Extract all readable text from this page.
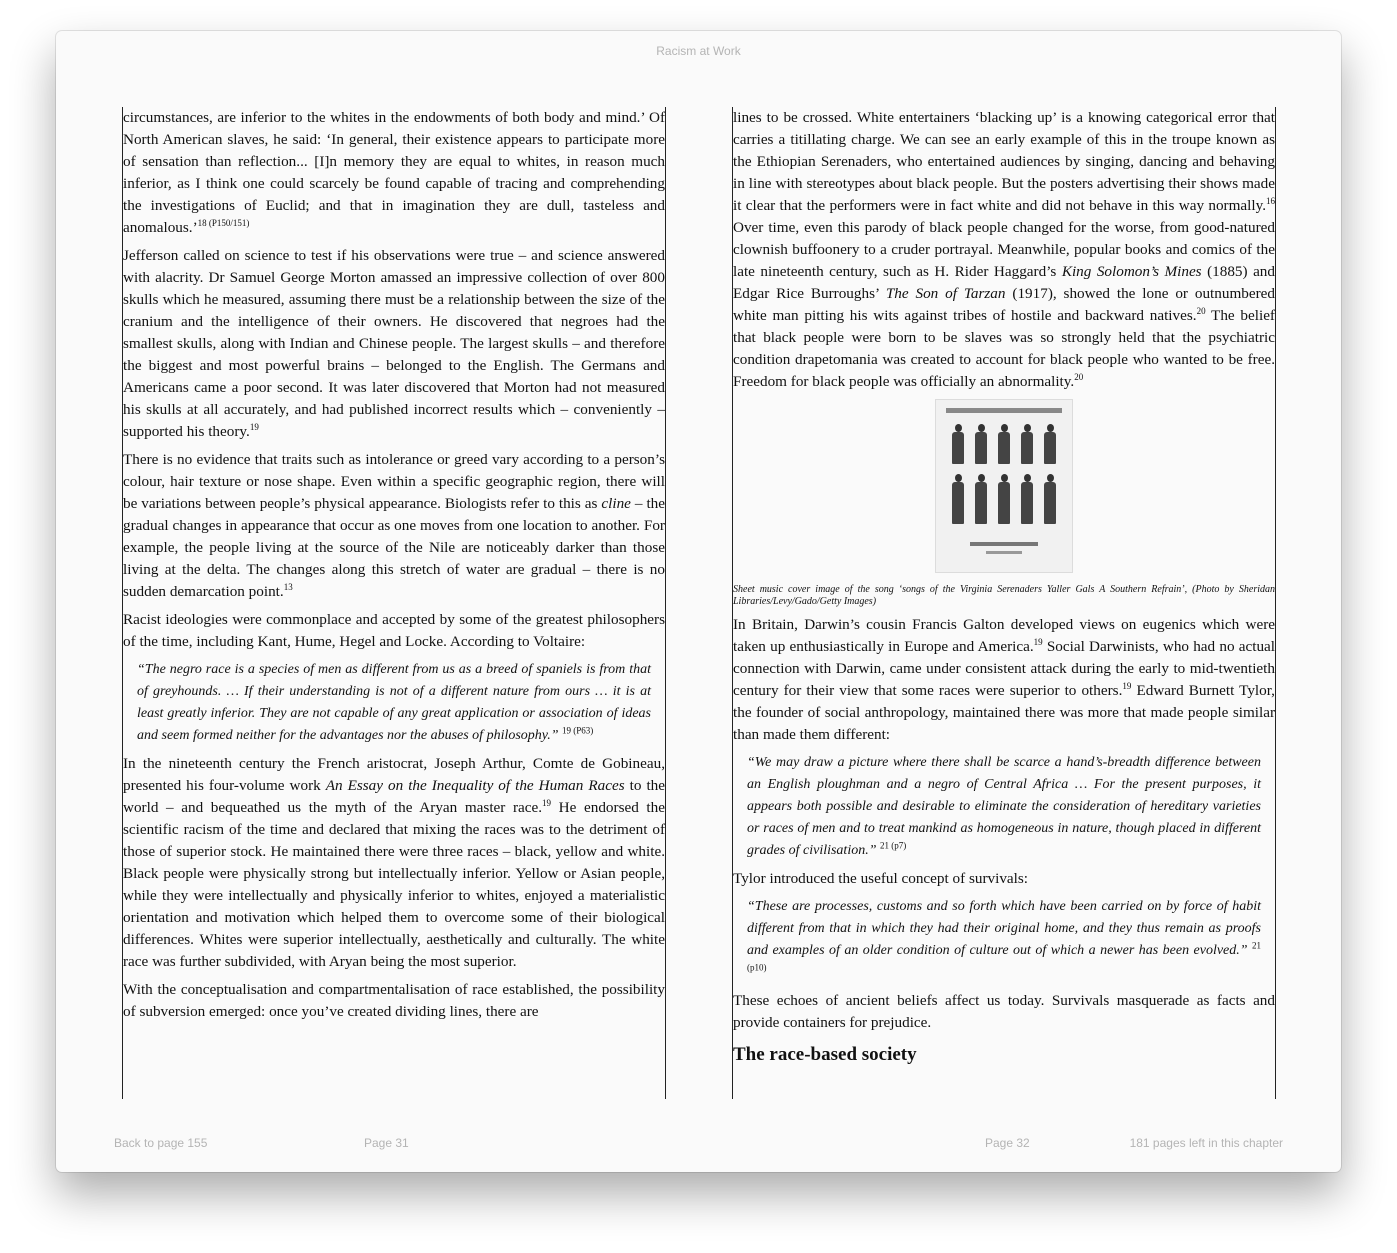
Racism at Work

circumstances, are inferior to the whites in the endowments of both body and mind.’ Of North American slaves, he said: ‘In general, their existence appears to participate more of sensation than reflection... [I]n memory they are equal to whites, in reason much inferior, as I think one could scarcely be found capable of tracing and comprehending the investigations of Euclid; and that in imagination they are dull, tasteless and anomalous.’$^{18 (P150/151)}$

Jefferson called on science to test if his observations were true – and science answered with alacrity. Dr Samuel George Morton amassed an impressive collection of over 800 skulls which he measured, assuming there must be a relationship between the size of the cranium and the intelligence of their owners. He discovered that negroes had the smallest skulls, along with Indian and Chinese people. The largest skulls – and therefore the biggest and most powerful brains – belonged to the English. The Germans and Americans came a poor second. It was later discovered that Morton had not measured his skulls at all accurately, and had published incorrect results which – conveniently – supported his theory.$^{19}$

There is no evidence that traits such as intolerance or greed vary according to a person’s colour, hair texture or nose shape. Even within a specific geographic region, there will be variations between people’s physical appearance. Biologists refer to this as cline – the gradual changes in appearance that occur as one moves from one location to another. For example, the people living at the source of the Nile are noticeably darker than those living at the delta. The changes along this stretch of water are gradual – there is no sudden demarcation point.$^{13}$

Racist ideologies were commonplace and accepted by some of the greatest philosophers of the time, including Kant, Hume, Hegel and Locke. According to Voltaire:

“The negro race is a species of men as different from us as a breed of spaniels is from that of greyhounds. … If their understanding is not of a different nature from ours … it is at least greatly inferior. They are not capable of any great application or association of ideas and seem formed neither for the advantages nor the abuses of philosophy.” $^{19 (P63)}$

In the nineteenth century the French aristocrat, Joseph Arthur, Comte de Gobineau, presented his four-volume work An Essay on the Inequality of the Human Races to the world – and bequeathed us the myth of the Aryan master race.$^{19}$ He endorsed the scientific racism of the time and declared that mixing the races was to the detriment of those of superior stock. He maintained there were three races – black, yellow and white. Black people were physically strong but intellectually inferior. Yellow or Asian people, while they were intellectually and physically inferior to whites, enjoyed a materialistic orientation and motivation which helped them to overcome some of their biological differences. Whites were superior intellectually, aesthetically and culturally. The white race was further subdivided, with Aryan being the most superior.

With the conceptualisation and compartmentalisation of race established, the possibility of subversion emerged: once you’ve created dividing lines, there are

lines to be crossed. White entertainers ‘blacking up’ is a knowing categorical error that carries a titillating charge. We can see an early example of this in the troupe known as the Ethiopian Serenaders, who entertained audiences by singing, dancing and behaving in line with stereotypes about black people. But the posters advertising their shows made it clear that the performers were in fact white and did not behave in this way normally.$^{16}$ Over time, even this parody of black people changed for the worse, from good-natured clownish buffoonery to a cruder portrayal. Meanwhile, popular books and comics of the late nineteenth century, such as H. Rider Haggard’s King Solomon’s Mines (1885) and Edgar Rice Burroughs’ The Son of Tarzan (1917), showed the lone or outnumbered white man pitting his wits against tribes of hostile and backward natives.$^{20}$ The belief that black people were born to be slaves was so strongly held that the psychiatric condition drapetomania was created to account for black people who wanted to be free. Freedom for black people was officially an abnormality.$^{20}$

Sheet music cover image of the song ‘songs of the Virginia Serenaders Yaller Gals A Southern Refrain’, (Photo by Sheridan Libraries/Levy/Gado/Getty Images)

In Britain, Darwin’s cousin Francis Galton developed views on eugenics which were taken up enthusiastically in Europe and America.$^{19}$ Social Darwinists, who had no actual connection with Darwin, came under consistent attack during the early to mid-twentieth century for their view that some races were superior to others.$^{19}$ Edward Burnett Tylor, the founder of social anthropology, maintained there was more that made people similar than made them different:

“We may draw a picture where there shall be scarce a hand’s-breadth difference between an English ploughman and a negro of Central Africa … For the present purposes, it appears both possible and desirable to eliminate the consideration of hereditary varieties or races of men and to treat mankind as homogeneous in nature, though placed in different grades of civilisation.” $^{21 (p7)}$

Tylor introduced the useful concept of survivals:

“These are processes, customs and so forth which have been carried on by force of habit different from that in which they had their original home, and they thus remain as proofs and examples of an older condition of culture out of which a newer has been evolved.” $^{21 (p10)}$

These echoes of ancient beliefs affect us today. Survivals masquerade as facts and provide containers for prejudice.

The race-based society
Back to page 155	Page 31	Page 32	181 pages left in this chapter
